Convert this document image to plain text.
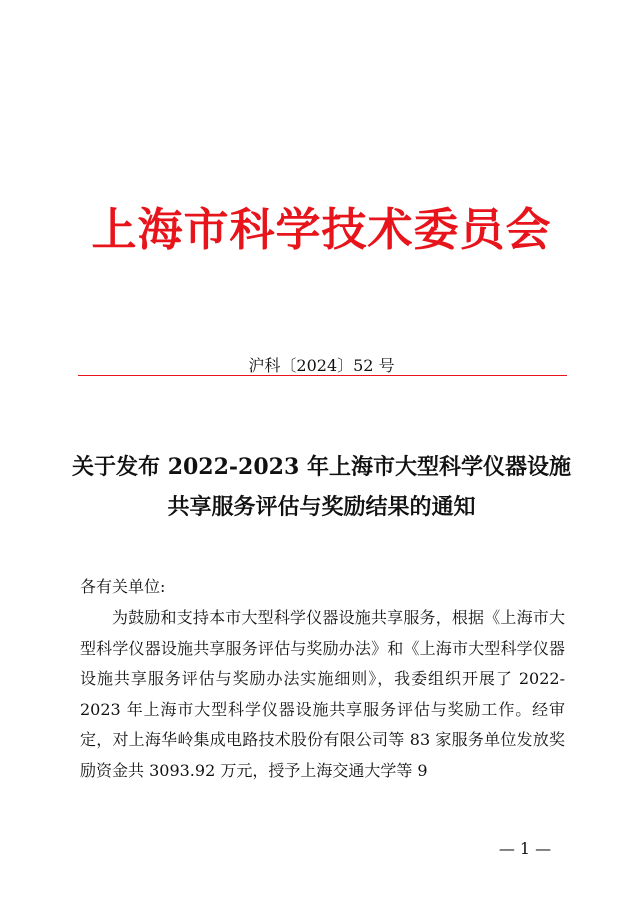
上海市科学技术委员会
沪科〔2024〕52 号
关于发布 2022-2023 年上海市大型科学仪器设施
共享服务评估与奖励结果的通知
各有关单位:
为鼓励和支持本市大型科学仪器设施共享服务，根据《上海市大型科学仪器设施共享服务评估与奖励办法》和《上海市大型科学仪器设施共享服务评估与奖励办法实施细则》，我委组织开展了 2022-2023 年上海市大型科学仪器设施共享服务评估与奖励工作。经审定，对上海华岭集成电路技术股份有限公司等 83 家服务单位发放奖励资金共 3093.92 万元，授予上海交通大学等 9
— 1 —
